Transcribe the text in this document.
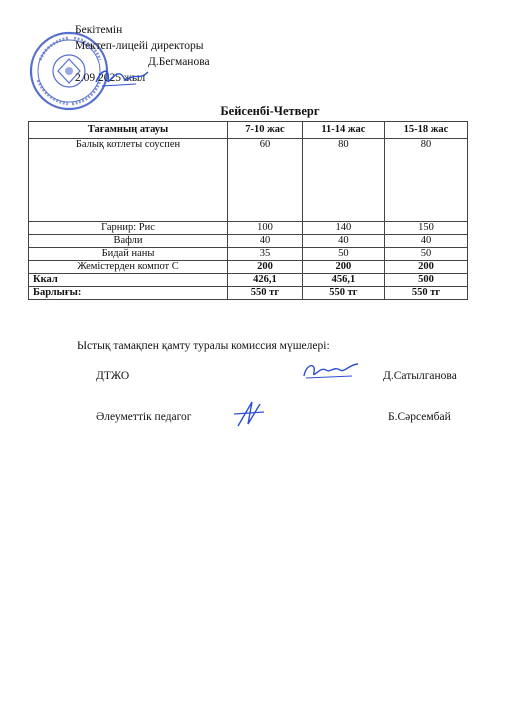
Бекітемін
Мектеп-лицейі директоры
Д.Бегманова
2.09.2025 жыл
Бейсенбі-Четверг
Тағамның атауы	7-10 жас	11-14 жас	15-18 жас
Балық котлеты соуспен	60	80	80
Гарнир: Рис	100	140	150
Вафли	40	40	40
Бидай наны	35	50	50
Жемістерден компот С	200	200	200
Ккал	426,1	456,1	500
Барлығы:	550 тг	550 тг	550 тг
Ыстық тамақпен қамту туралы комиссия мүшелері:
ДТЖО	Д.Сатылганова
Әлеуметтік педагог	Б.Сәрсембай
